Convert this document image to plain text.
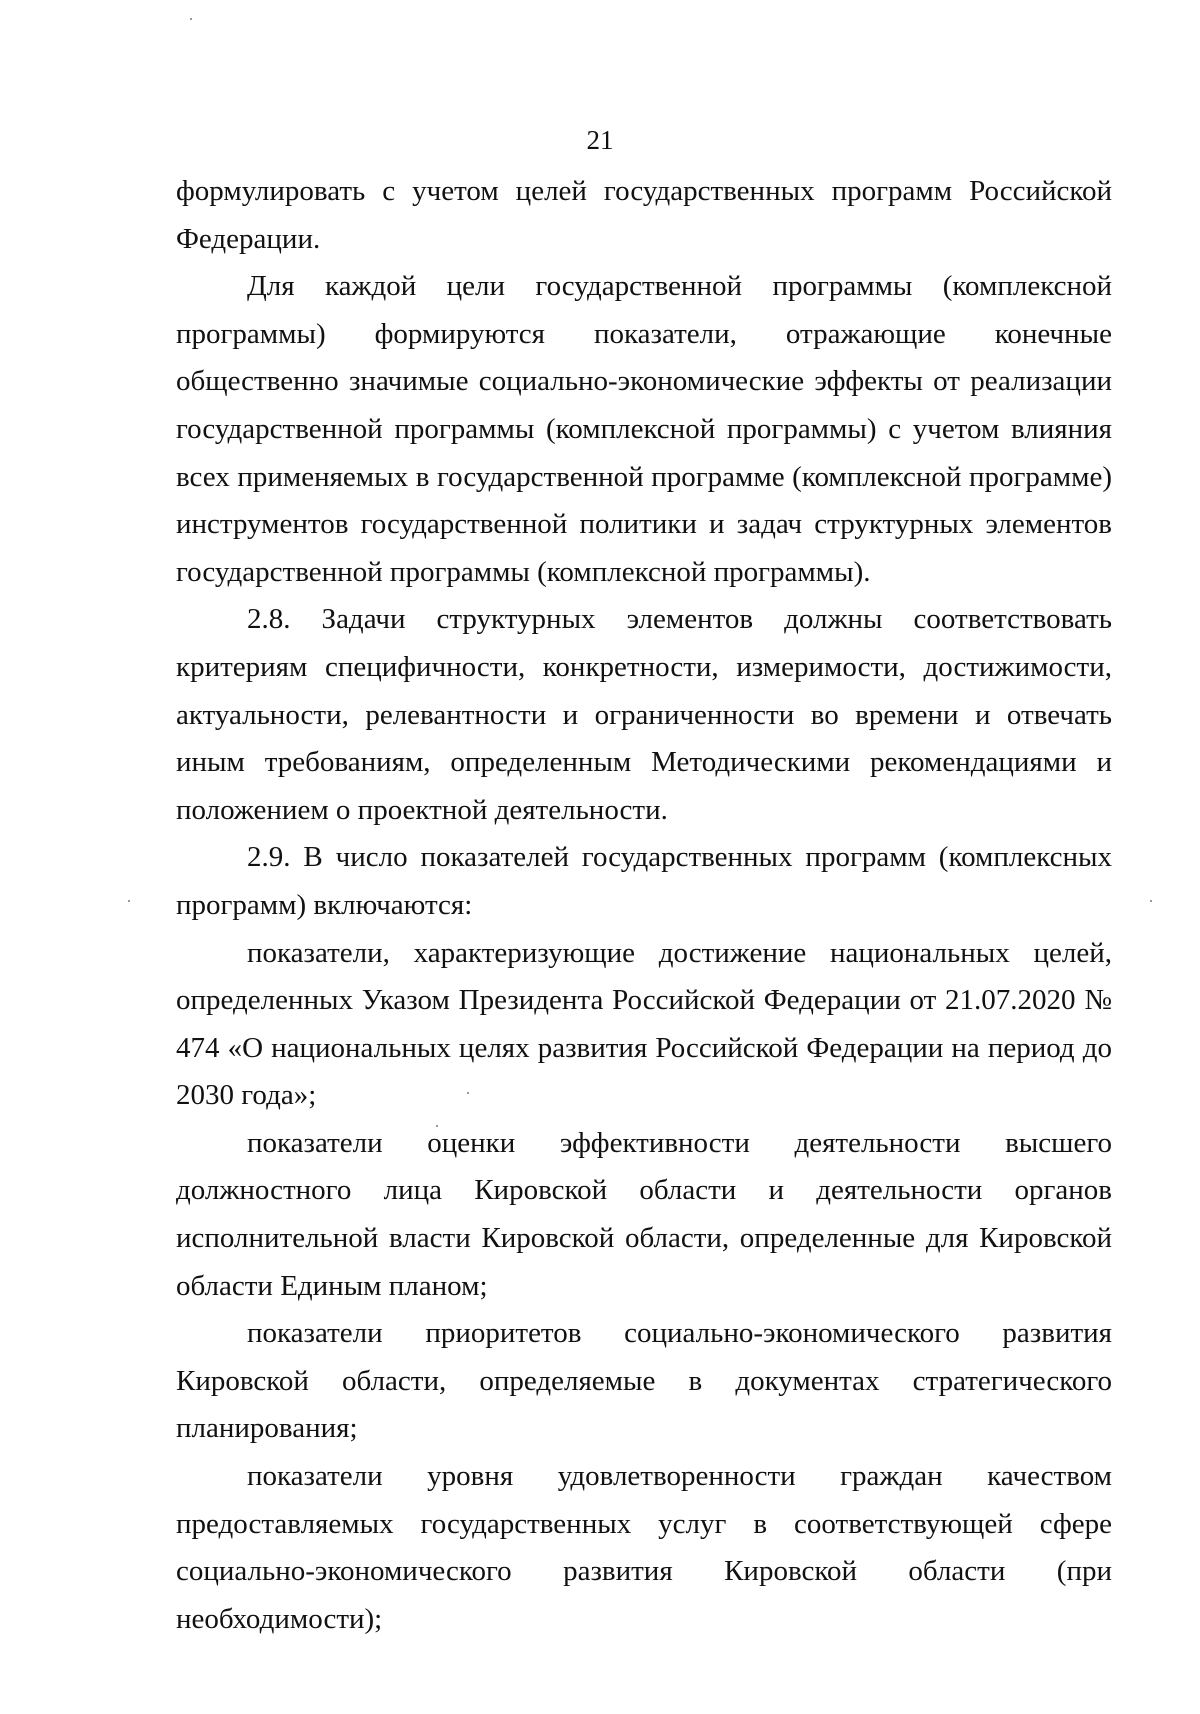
21

формулировать с учетом целей государственных программ Российской Федерации.

Для каждой цели государственной программы (комплексной программы) формируются показатели, отражающие конечные общественно значимые социально-экономические эффекты от реализации государственной программы (комплексной программы) с учетом влияния всех применяемых в государственной программе (комплексной программе) инструментов государственной политики и задач структурных элементов государственной программы (комплексной программы).

2.8. Задачи структурных элементов должны соответствовать критериям специфичности, конкретности, измеримости, достижимости, актуальности, релевантности и ограниченности во времени и отвечать иным требованиям, определенным Методическими рекомендациями и положением о проектной деятельности.

2.9. В число показателей государственных программ (комплексных программ) включаются:

показатели, характеризующие достижение национальных целей, определенных Указом Президента Российской Федерации от 21.07.2020 № 474 «О национальных целях развития Российской Федерации на период до 2030 года»;

показатели оценки эффективности деятельности высшего должностного лица Кировской области и деятельности органов исполнительной власти Кировской области, определенные для Кировской области Единым планом;

показатели приоритетов социально-экономического развития Кировской области, определяемые в документах стратегического планирования;

показатели уровня удовлетворенности граждан качеством предоставляемых государственных услуг в соответствующей сфере социально-экономического развития Кировской области (при необходимости);
